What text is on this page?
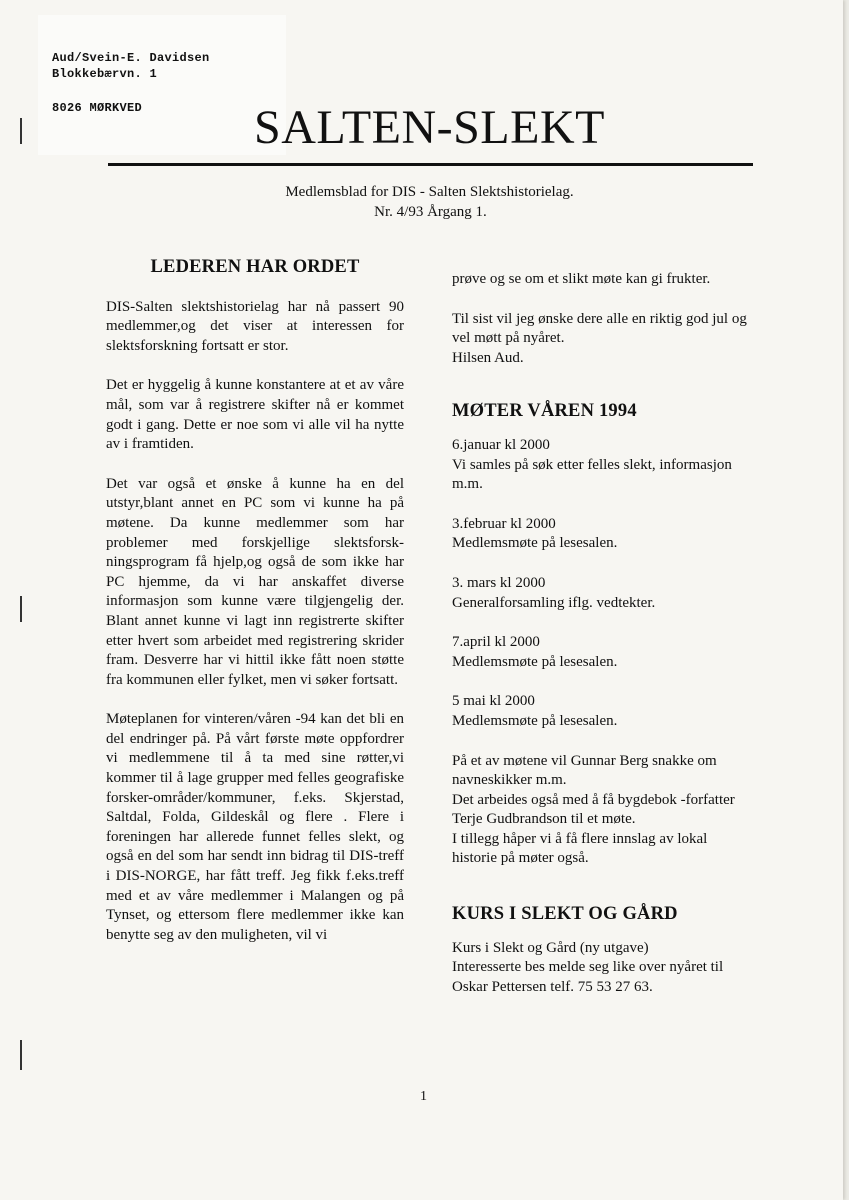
Aud/Svein-E. Davidsen
Blokkebærvn. 1
8026 MØRKVED	SALTEN-SLEKT
Medlemsblad for DIS - Salten Slektshistorielag.
Nr. 4/93 Årgang 1.
LEDEREN HAR ORDET

DIS-Salten slektshistorielag har nå passert 90 medlemmer,og det viser at interessen for slektsforskning fortsatt er stor.

Det er hyggelig å kunne konstantere at et av våre mål, som var å registrere skifter nå er kommet godt i gang. Dette er noe som vi alle vil ha nytte av i framtiden.

Det var også et ønske å kunne ha en del utstyr,blant annet en PC som vi kunne ha på møtene. Da kunne medlemmer som har problemer med forskjellige slektsforsk-ningsprogram få hjelp,og også de som ikke har PC hjemme, da vi har anskaffet diverse informasjon som kunne være tilgjengelig der. Blant annet kunne vi lagt inn registrerte skifter etter hvert som arbeidet med registrering skrider fram. Desverre har vi hittil ikke fått noen støtte fra kommunen eller fylket, men vi søker fortsatt.

Møteplanen for vinteren/våren -94 kan det bli en del endringer på. På vårt første møte oppfordrer vi medlemmene til å ta med sine røtter,vi kommer til å lage grupper med felles geografiske forsker-områder/kommuner, f.eks. Skjerstad, Saltdal, Folda, Gildeskål og flere . Flere i foreningen har allerede funnet felles slekt, og også en del som har sendt inn bidrag til DIS-treff i DIS-NORGE, har fått treff. Jeg fikk f.eks.treff med et av våre medlemmer i Malangen og på Tynset, og ettersom flere medlemmer ikke kan benytte seg av den muligheten, vil vi

prøve og se om et slikt møte kan gi frukter.

Til sist vil jeg ønske dere alle en riktig god jul og vel møtt på nyåret.
Hilsen Aud.
MØTER VÅREN 1994
6.januar kl 2000
Vi samles på søk etter felles slekt, informasjon m.m.
3.februar kl 2000
Medlemsmøte på lesesalen.
3. mars kl 2000
Generalforsamling iflg. vedtekter.
7.april kl 2000
Medlemsmøte på lesesalen.
5 mai kl 2000
Medlemsmøte på lesesalen.
På et av møtene vil Gunnar Berg snakke om navneskikker m.m.
Det arbeides også med å få bygdebok -forfatter Terje Gudbrandson til et møte.
I tillegg håper vi å få flere innslag av lokal historie på møter også.
KURS I SLEKT OG GÅRD
Kurs i Slekt og Gård (ny utgave)
Interesserte bes melde seg like over nyåret til
Oskar Pettersen telf. 75 53 27 63.
1
